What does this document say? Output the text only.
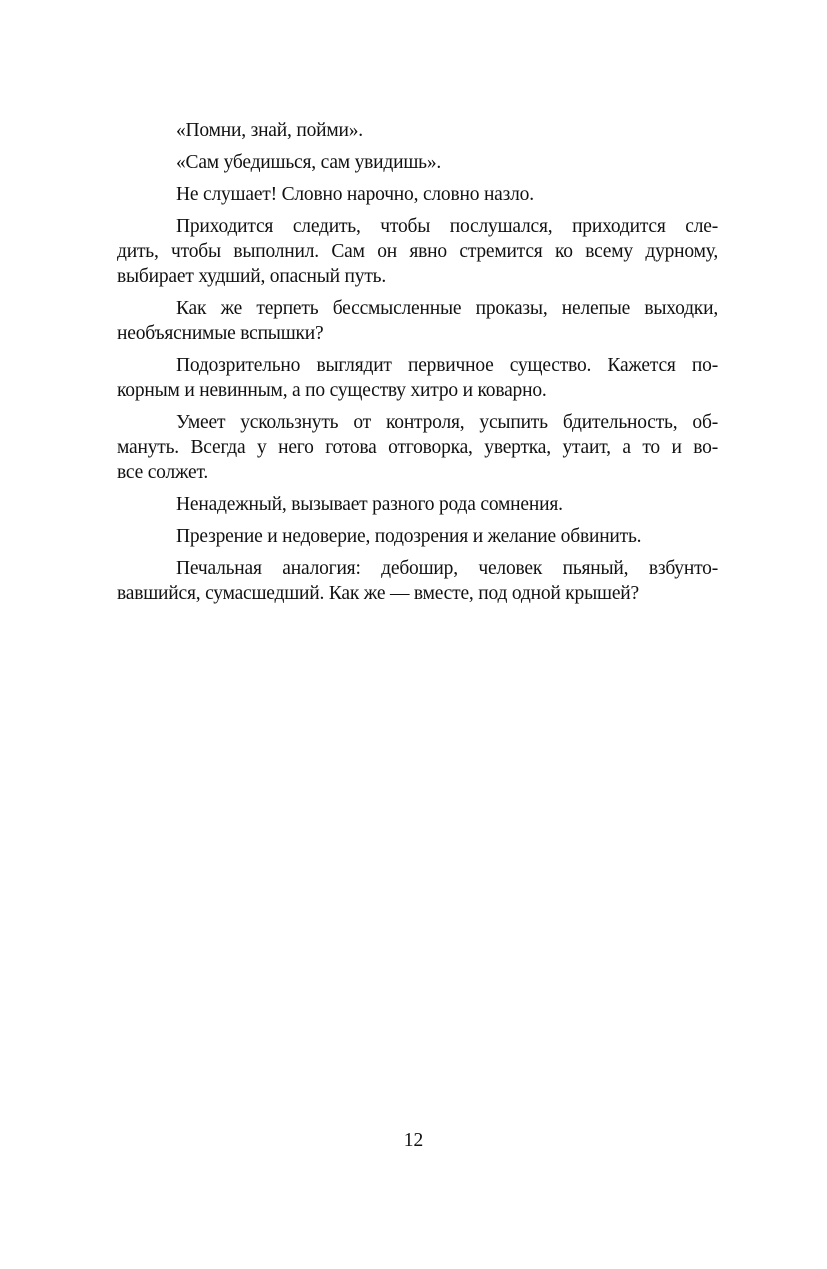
«Помни, знай, пойми».

«Сам убедишься, сам увидишь».

Не слушает! Словно нарочно, словно назло.

Приходится следить, чтобы послушался, приходится сле-
дить, чтобы выполнил. Сам он явно стремится ко всему дурному,
выбирает худший, опасный путь.

Как же терпеть бессмысленные проказы, нелепые выходки,
необъяснимые вспышки?

Подозрительно выглядит первичное существо. Кажется по-
корным и невинным, а по существу хитро и коварно.

Умеет ускользнуть от контроля, усыпить бдительность, об-
мануть. Всегда у него готова отговорка, увертка, утаит, а то и во-
все солжет.

Ненадежный, вызывает разного рода сомнения.

Презрение и недоверие, подозрения и желание обвинить.

Печальная аналогия: дебошир, человек пьяный, взбунто-
вавшийся, сумасшедший. Как же — вместе, под одной крышей?

12
